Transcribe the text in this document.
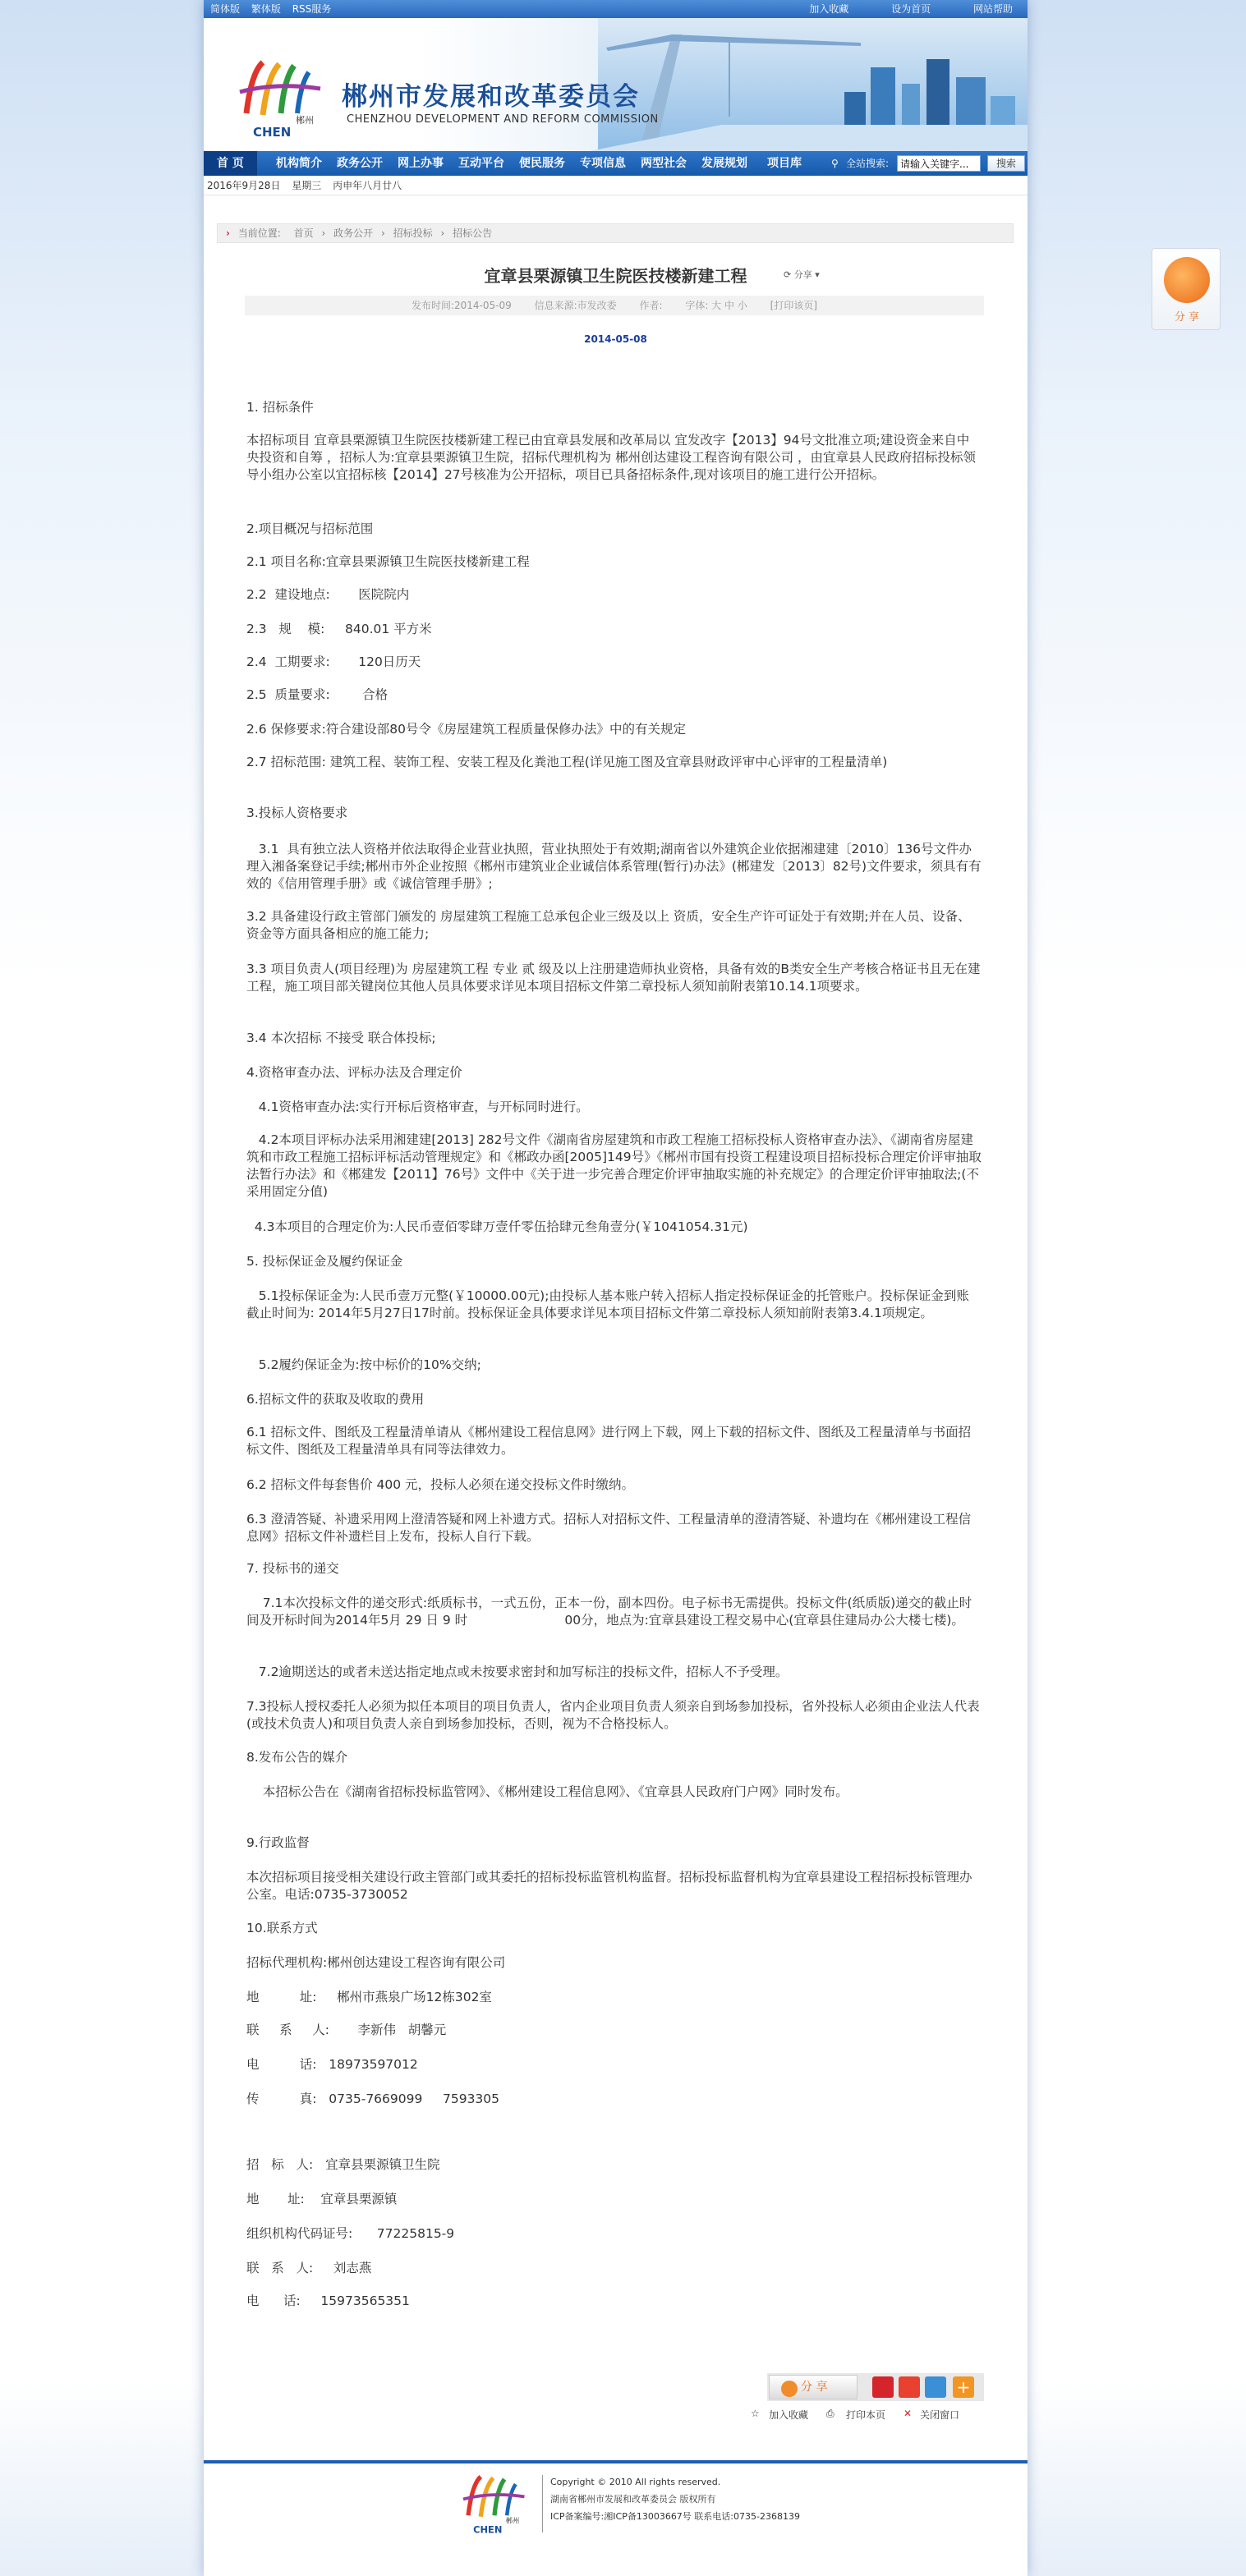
简体版 繁体版 RSS服务	加入收藏	设为首页	网站帮助
郴州
CHEN
郴州市发展和改革委员会
CHENZHOU DEVELOPMENT AND REFORM COMMISSION
首 页	机构简介 政务公开 网上办事 互动平台 便民服务 专项信息 两型社会 发展规划 项目库	⚲ 全站搜索:
请输入关键字...	搜索
2016年9月28日 星期三 丙申年八月廿八
› 当前位置: 首页 › 政务公开 › 招标投标 › 招标公告
宜章县栗源镇卫生院医技楼新建工程	⟳ 分享 ▾
发布时间:2014-05-09 信息来源:市发改委 作者: 字体: 大 中 小 [打印该页]
2014-05-08
1. 招标条件
本招标项目 宜章县栗源镇卫生院医技楼新建工程已由宜章县发展和改革局以 宜发改字【2013】94号文批准立项;建设资金来自中央投资和自筹 ，招标人为:宜章县栗源镇卫生院，招标代理机构为 郴州创达建设工程咨询有限公司 ，由宜章县人民政府招标投标领导小组办公室以宜招标核【2014】27号核准为公开招标，项目已具备招标条件,现对该项目的施工进行公开招标。
2.项目概况与招标范围
2.1 项目名称:宜章县栗源镇卫生院医技楼新建工程
2.2  建设地点:       医院院内
2.3   规    模:     840.01 平方米
2.4  工期要求:       120日历天
2.5  质量要求:        合格
2.6 保修要求:符合建设部80号令《房屋建筑工程质量保修办法》中的有关规定
2.7 招标范围: 建筑工程、装饰工程、安装工程及化粪池工程(详见施工图及宜章县财政评审中心评审的工程量清单)
3.投标人资格要求
3.1  具有独立法人资格并依法取得企业营业执照，营业执照处于有效期;湖南省以外建筑企业依据湘建建〔2010〕136号文件办理入湘备案登记手续;郴州市外企业按照《郴州市建筑业企业诚信体系管理(暂行)办法》(郴建发〔2013〕82号)文件要求，须具有有效的《信用管理手册》或《诚信管理手册》;
3.2 具备建设行政主管部门颁发的 房屋建筑工程施工总承包企业三级及以上 资质，安全生产许可证处于有效期;并在人员、设备、资金等方面具备相应的施工能力;
3.3 项目负责人(项目经理)为 房屋建筑工程 专业 贰 级及以上注册建造师执业资格，具备有效的B类安全生产考核合格证书且无在建工程，施工项目部关键岗位其他人员具体要求详见本项目招标文件第二章投标人须知前附表第10.14.1项要求。
3.4 本次招标 不接受 联合体投标;
4.资格审查办法、评标办法及合理定价
4.1资格审查办法:实行开标后资格审查，与开标同时进行。
4.2本项目评标办法采用湘建建[2013] 282号文件《湖南省房屋建筑和市政工程施工招标投标人资格审查办法》、《湖南省房屋建筑和市政工程施工招标评标活动管理规定》和《郴政办函[2005]149号》《郴州市国有投资工程建设项目招标投标合理定价评审抽取法暂行办法》和《郴建发【2011】76号》文件中《关于进一步完善合理定价评审抽取实施的补充规定》的合理定价评审抽取法;(不采用固定分值)
4.3本项目的合理定价为:人民币壹佰零肆万壹仟零伍拾肆元叁角壹分(￥1041054.31元)
5. 投标保证金及履约保证金
5.1投标保证金为:人民币壹万元整(￥10000.00元);由投标人基本账户转入招标人指定投标保证金的托管账户。投标保证金到账截止时间为: 2014年5月27日17时前。投标保证金具体要求详见本项目招标文件第二章投标人须知前附表第3.4.1项规定。
5.2履约保证金为:按中标价的10%交纳;
6.招标文件的获取及收取的费用
6.1 招标文件、图纸及工程量清单请从《郴州建设工程信息网》进行网上下载，网上下载的招标文件、图纸及工程量清单与书面招标文件、图纸及工程量清单具有同等法律效力。
6.2 招标文件每套售价 400 元，投标人必须在递交投标文件时缴纳。
6.3 澄清答疑、补遗采用网上澄清答疑和网上补遗方式。招标人对招标文件、工程量清单的澄清答疑、补遗均在《郴州建设工程信息网》招标文件补遗栏目上发布，投标人自行下载。
7. 投标书的递交
7.1本次投标文件的递交形式:纸质标书，一式五份，正本一份，副本四份。电子标书无需提供。投标文件(纸质版)递交的截止时间及开标时间为2014年5月 29 日 9 时                        00分，地点为:宜章县建设工程交易中心(宜章县住建局办公大楼七楼)。
7.2逾期送达的或者未送达指定地点或未按要求密封和加写标注的投标文件，招标人不予受理。
7.3投标人授权委托人必须为拟任本项目的项目负责人，省内企业项目负责人须亲自到场参加投标，省外投标人必须由企业法人代表(或技术负责人)和项目负责人亲自到场参加投标，否则，视为不合格投标人。
8.发布公告的媒介
本招标公告在《湖南省招标投标监管网》、《郴州建设工程信息网》、《宜章县人民政府门户网》同时发布。
9.行政监督
本次招标项目接受相关建设行政主管部门或其委托的招标投标监管机构监督。招标投标监督机构为宜章县建设工程招标投标管理办公室。电话:0735-3730052
10.联系方式
招标代理机构:郴州创达建设工程咨询有限公司
地          址:     郴州市燕泉广场12栋302室
联     系     人:       李新伟   胡馨元
电          话:   18973597012
传          真:   0735-7669099     7593305
招   标   人:   宜章县栗源镇卫生院
地       址:    宜章县栗源镇
组织机构代码证号:      77225815-9
联   系   人:     刘志燕
电      话:     15973565351
分 享	+
☆ 加入收藏 ⎙ 打印本页 ✕ 关闭窗口
郴州
CHEN
Copyright © 2010 All rights reserved.
湖南省郴州市发展和改革委员会 版权所有
ICP备案编号:湘ICP备13003667号 联系电话:0735-2368139
分 享
